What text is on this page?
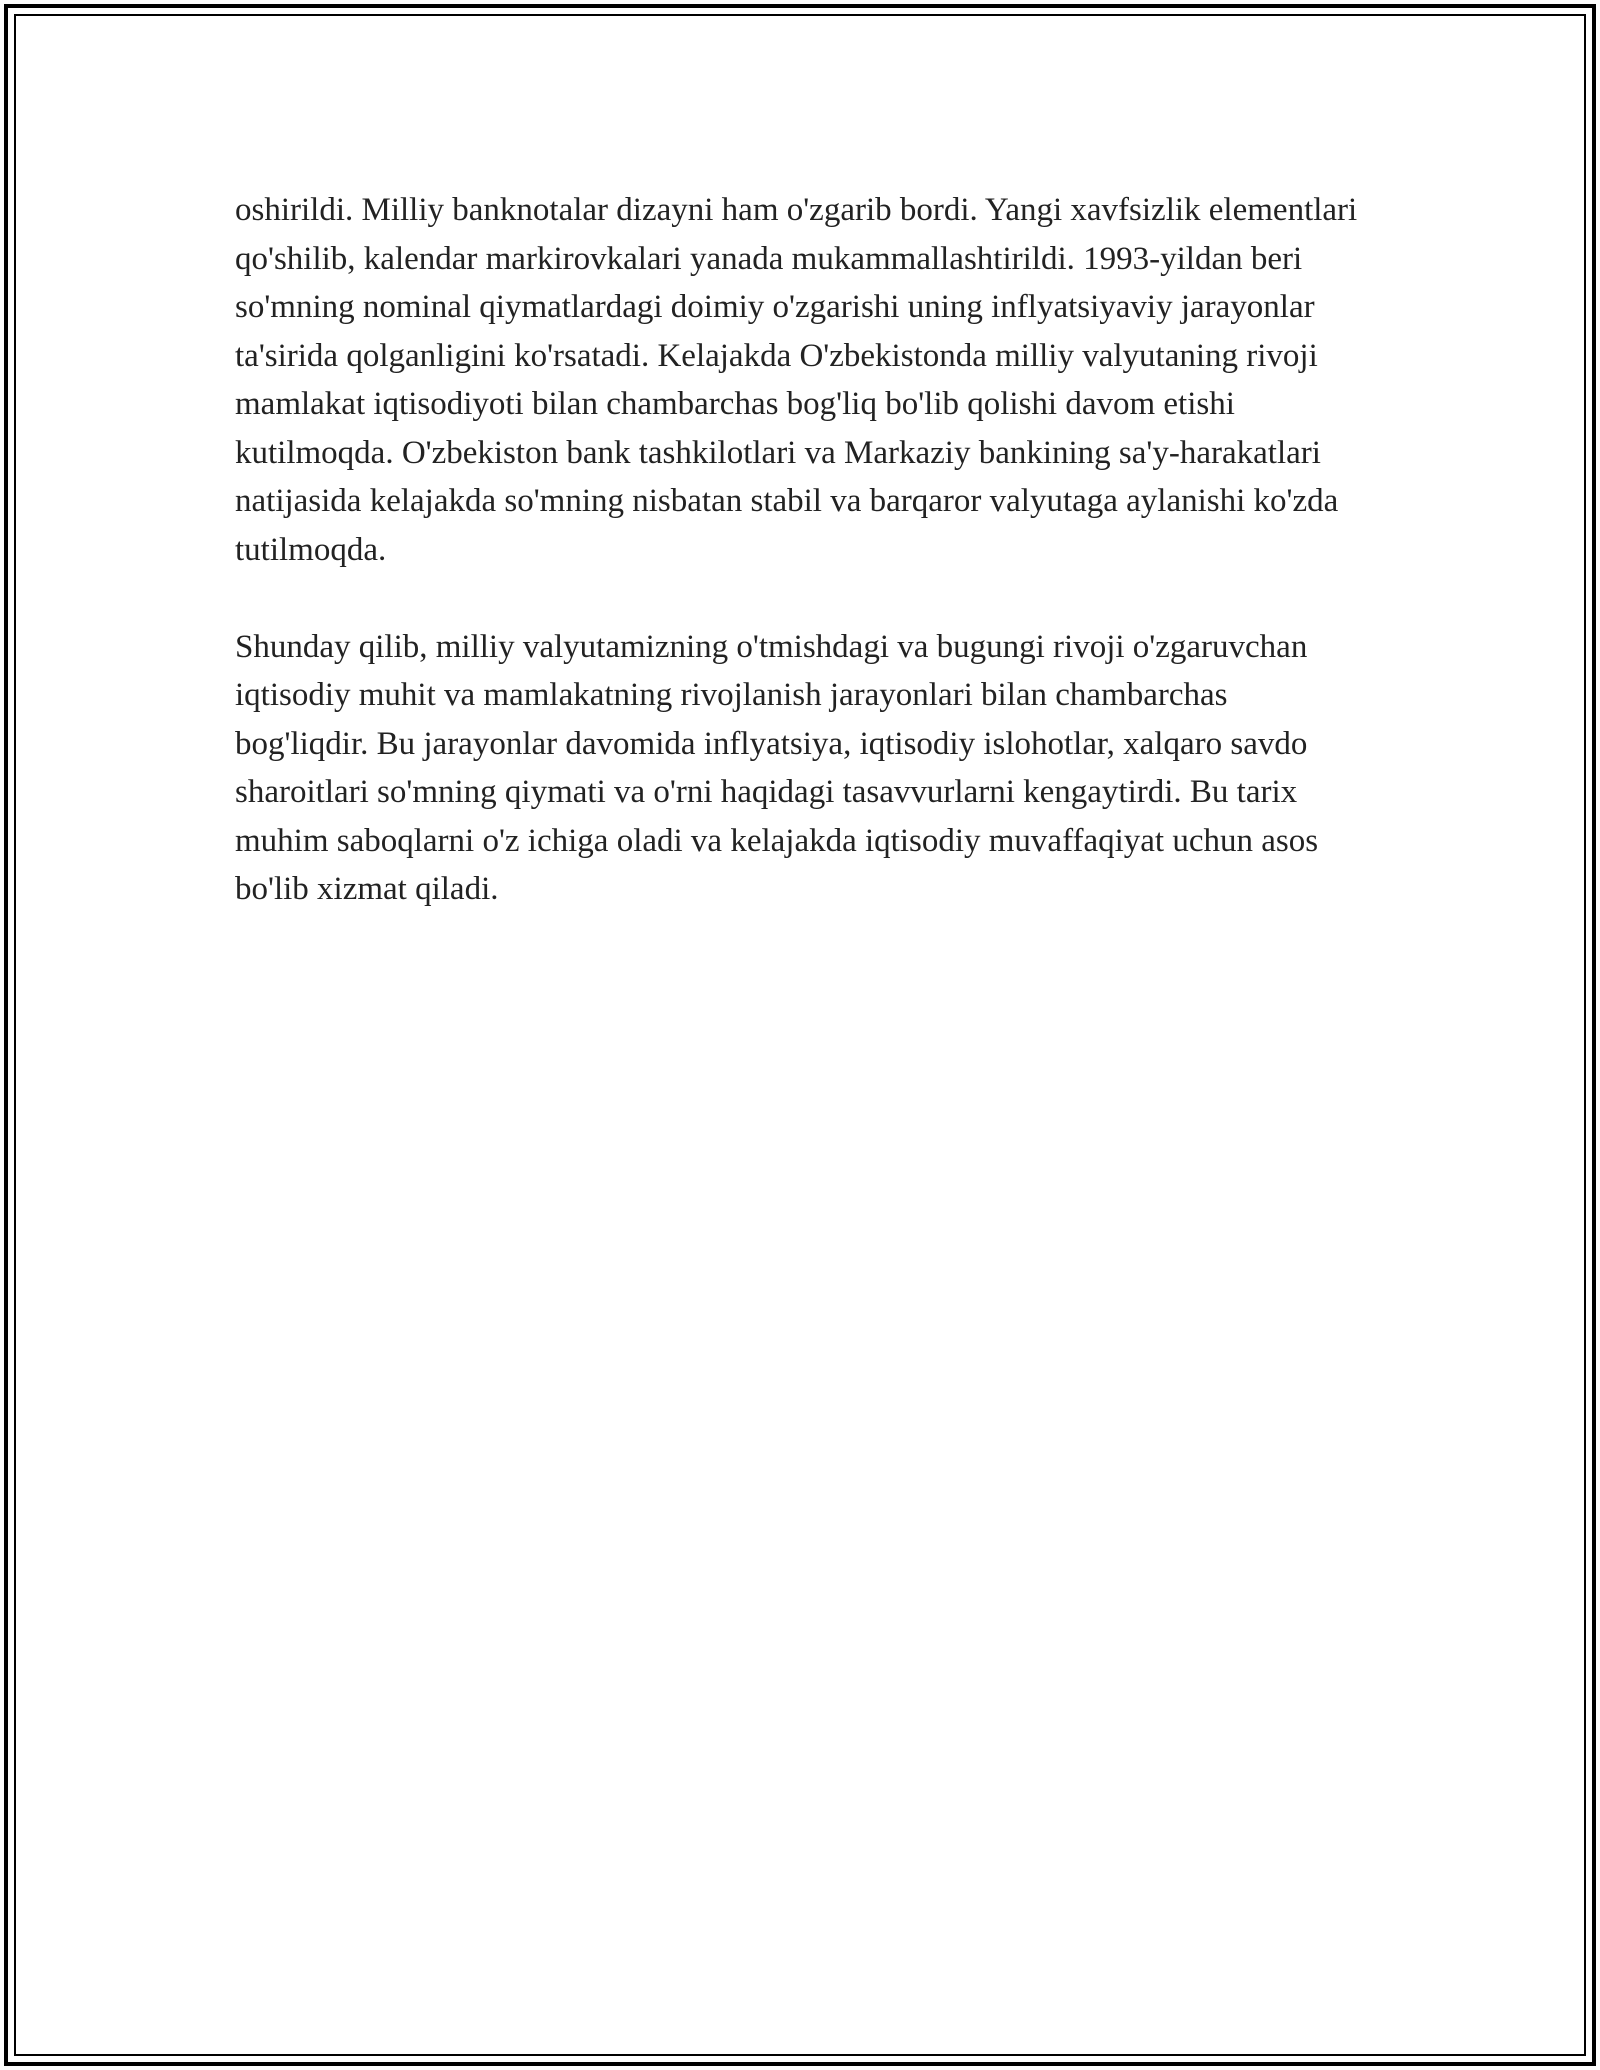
oshirildi. Milliy banknotalar dizayni ham o'zgarib bordi. Yangi xavfsizlik elementlari qo'shilib, kalendar markirovkalari yanada mukammallashtirildi. 1993-yildan beri so'mning nominal qiymatlardagi doimiy o'zgarishi uning inflyatsiyaviy jarayonlar ta'sirida qolganligini ko'rsatadi. Kelajakda O'zbekistonda milliy valyutaning rivoji mamlakat iqtisodiyoti bilan chambarchas bog'liq bo'lib qolishi davom etishi kutilmoqda. O'zbekiston bank tashkilotlari va Markaziy bankining sa'y-harakatlari natijasida kelajakda so'mning nisbatan stabil va barqaror valyutaga aylanishi ko'zda tutilmoqda.

Shunday qilib, milliy valyutamizning o'tmishdagi va bugungi rivoji o'zgaruvchan iqtisodiy muhit va mamlakatning rivojlanish jarayonlari bilan chambarchas bog'liqdir. Bu jarayonlar davomida inflyatsiya, iqtisodiy islohotlar, xalqaro savdo sharoitlari so'mning qiymati va o'rni haqidagi tasavvurlarni kengaytirdi. Bu tarix muhim saboqlarni o'z ichiga oladi va kelajakda iqtisodiy muvaffaqiyat uchun asos bo'lib xizmat qiladi.
